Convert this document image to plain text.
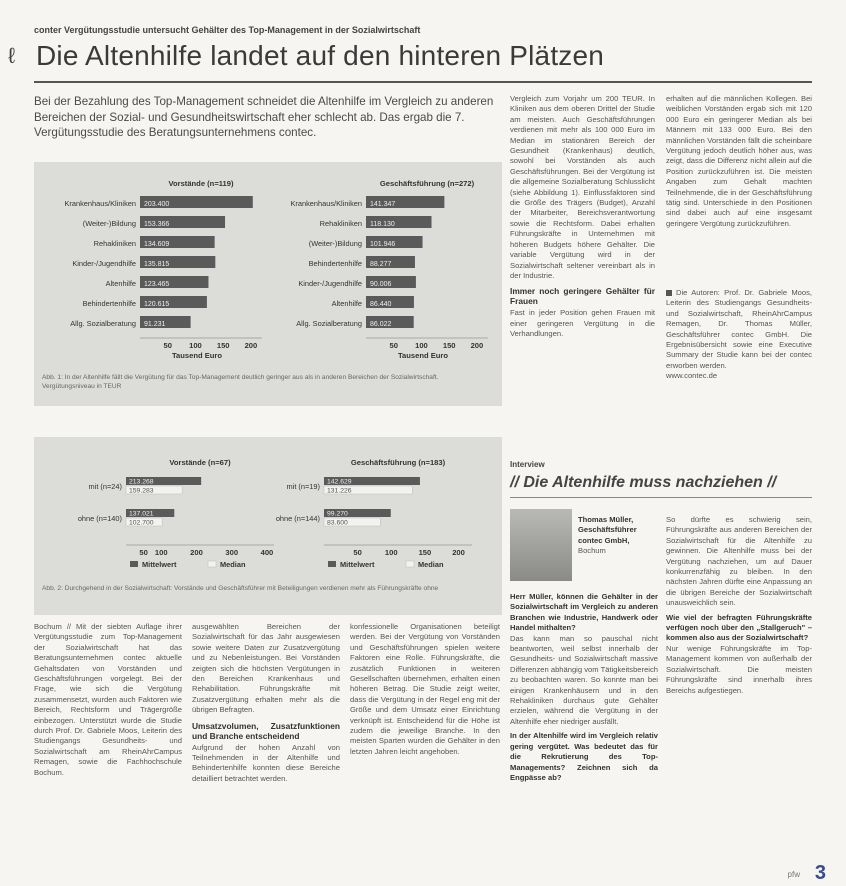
ℓ
conter Vergütungsstudie untersucht Gehälter des Top-Management in der Sozialwirtschaft
Die Altenhilfe landet auf den hinteren Plätzen
Bei der Bezahlung des Top-Management schneidet die Altenhilfe im Vergleich zu anderen Bereichen der Sozial- und Gesundheitswirtschaft eher schlecht ab. Das ergab die 7. Vergütungsstudie des Beratungsunternehmens contec.
Vorstände (n=119)
Krankenhaus/Kliniken 203.400
(Weiter-)Bildung 153.366
Rehakliniken 134.609
Kinder-/Jugendhilfe 135.815
Altenhilfe 123.465
Behindertenhilfe 120.615
Allg. Sozialberatung 91.231
50 100 150 200
Tausend Euro
Geschäftsführung (n=272)
Krankenhaus/Kliniken 141.347
Rehakliniken 118.130
(Weiter-)Bildung 101.946
Behindertenhilfe 88.277
Kinder-/Jugendhilfe 90.006
Altenhilfe 86.440
Allg. Sozialberatung 86.022
50 100 150 200
Tausend Euro
Abb. 1: In der Altenhilfe fällt die Vergütung für das Top-Management deutlich geringer aus als in anderen Bereichen der Sozialwirtschaft. Vergütungsniveau in TEUR
Vorstände (n=67)
mit (n=24) 213.268
159.283
ohne (n=140) 137.021
102.700
50 100	200	300	400
Mittelwert	Median
Geschäftsführung (n=183)
mit (n=19) 142.629
131.226
ohne (n=144) 99.270
83.600
50	100	150	200
Mittelwert	Median
Abb. 2: Durchgehend in der Sozialwirtschaft: Vorstände und Geschäftsführer mit Beteiligungen verdienen mehr als Führungskräfte ohne

Vergleich zum Vorjahr um 200 TEUR. In Kliniken aus dem oberen Drittel der Studie am meisten. Auch Geschäftsführungen verdienen mit mehr als 100 000 Euro im Median im stationären Bereich der Gesundheit (Krankenhaus) deutlich, sowohl bei Vorständen als auch Geschäftsführungen. Bei der Vergütung ist die allgemeine Sozialberatung Schlusslicht (siehe Abbildung 1). Einflussfaktoren sind die Größe des Trägers (Budget), Anzahl der Mitarbeiter, Bereichsverantwortung sowie die Rechtsform. Dabei erhalten Führungskräfte in Unternehmen mit höheren Budgets höhere Gehälter. Die variable Vergütung wird in der Sozialwirtschaft seltener vereinbart als in der Industrie.

Immer noch geringere Gehälter für Frauen

Fast in jeder Position gehen Frauen mit einer geringeren Vergütung in die Verhandlungen.

erhalten auf die männlichen Kollegen. Bei weiblichen Vorständen ergab sich mit 120 000 Euro ein geringerer Median als bei Männern mit 133 000 Euro. Bei den männlichen Vorständen fällt die scheinbare Vergütung jedoch deutlich höher aus, was zeigt, dass die Differenz nicht allein auf die Position zurückzuführen ist. Die meisten Angaben zum Gehalt machten Teilnehmende, die in der Geschäftsführung tätig sind. Unterschiede in den Positionen sind dabei auch auf eine insgesamt geringere Vergütung zurückzuführen.

Die Autoren: Prof. Dr. Gabriele Moos, Leiterin des Studiengangs Gesundheits- und Sozialwirtschaft, RheinAhrCampus Remagen, Dr. Thomas Müller, Geschäftsführer contec GmbH. Die Ergebnisübersicht sowie eine Executive Summary der Studie kann bei der contec erworben werden.

www.contec.de

Bochum // Mit der siebten Auflage ihrer Vergütungsstudie zum Top-Management der Sozialwirtschaft hat das Beratungsunternehmen contec aktuelle Gehaltsdaten von Vorständen und Geschäftsführungen vorgelegt. Bei der Frage, wie sich die Vergütung zusammensetzt, wurden auch Faktoren wie Bereich, Rechtsform und Trägergröße einbezogen. Unterstützt wurde die Studie durch Prof. Dr. Gabriele Moos, Leiterin des Studiengangs Gesundheits- und Sozialwirtschaft am RheinAhrCampus Remagen, sowie die Fachhochschule Bochum.

ausgewählten Bereichen der Sozialwirtschaft für das Jahr ausgewiesen sowie weitere Daten zur Zusatzvergütung und zu Nebenleistungen. Bei Vorständen zeigten sich die höchsten Vergütungen in den Bereichen Krankenhaus und Rehabilitation. Führungskräfte mit Zusatzvergütung erhalten mehr als die übrigen Befragten.

Umsatzvolumen, Zusatzfunktionen und Branche entscheidend

Aufgrund der hohen Anzahl von Teilnehmenden in der Altenhilfe und Behindertenhilfe konnten diese Bereiche detailliert betrachtet werden.

konfessionelle Organisationen beteiligt werden. Bei der Vergütung von Vorständen und Geschäftsführungen spielen weitere Faktoren eine Rolle. Führungskräfte, die zusätzlich Funktionen in weiteren Gesellschaften übernehmen, erhalten einen höheren Betrag. Die Studie zeigt weiter, dass die Vergütung in der Regel eng mit der Größe und dem Umsatz einer Einrichtung verknüpft ist. Entscheidend für die Höhe ist zudem die jeweilige Branche. In den meisten Sparten wurden die Gehälter in den letzten Jahren leicht angehoben.

Interview
// Die Altenhilfe muss nachziehen //
Thomas Müller,
Geschäftsführer contec GmbH,
Bochum

Herr Müller, können die Gehälter in der Sozialwirtschaft im Vergleich zu anderen Branchen wie Industrie, Handwerk oder Handel mithalten?

Das kann man so pauschal nicht beantworten, weil selbst innerhalb der Gesundheits- und Sozialwirtschaft massive Differenzen abhängig vom Tätigkeitsbereich zu beobachten waren. So konnte man bei einigen Krankenhäusern und in den Rehakliniken durchaus gute Gehälter erzielen, während die Vergütung in der Altenhilfe eher niedriger ausfällt.

In der Altenhilfe wird im Vergleich relativ gering vergütet. Was bedeutet das für die Rekrutierung des Top-Managements? Zeichnen sich da Engpässe ab?

So dürfte es schwierig sein, Führungskräfte aus anderen Bereichen der Sozialwirtschaft für die Altenhilfe zu gewinnen. Die Altenhilfe muss bei der Vergütung nachziehen, um auf Dauer konkurrenzfähig zu bleiben. In den nächsten Jahren dürfte eine Anpassung an die übrigen Bereiche der Sozialwirtschaft unausweichlich sein.

Wie viel der befragten Führungskräfte verfügen noch über den „Stallgeruch" – kommen also aus der Sozialwirtschaft?

Nur wenige Führungskräfte im Top-Management kommen von außerhalb der Sozialwirtschaft. Die meisten Führungskräfte sind innerhalb ihres Bereichs aufgestiegen.

pfw 3
